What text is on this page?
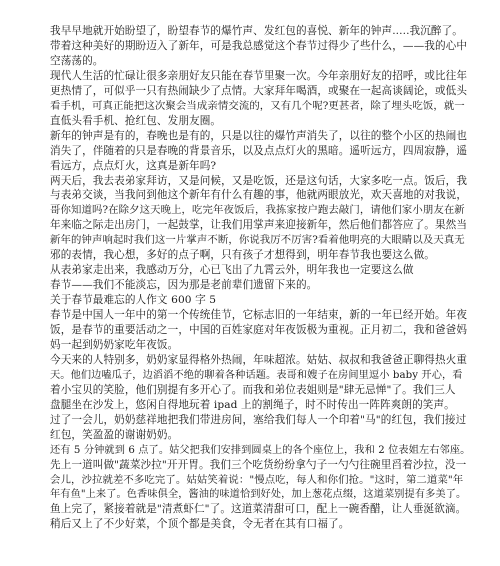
我早早地就开始盼望了，盼望春节的爆竹声、发红包的喜悦、新年的钟声.....我沉醉了。
带着这种美好的期盼迈入了新年，可是我总感觉这个春节过得少了些什么，——我的心中
空荡荡的。
现代人生活的忙碌让很多亲朋好友只能在春节里聚一次。今年亲朋好友的招呼，或比往年
更热情了，可似乎一只有热闹缺少了点情。大家拜年喝酒，或聚在一起高谈阔论，或低头
看手机，可真正能把这次聚会当成亲情交流的，又有几个呢?更甚者，除了埋头吃饭，就一
直低头看手机、抢红包、发朋友圈。
新年的钟声是有的，春晚也是有的，只是以往的爆竹声消失了，以往的整个小区的热闹也
消失了，伴随着的只是春晚的背景音乐，以及点点灯火的黑暗。遥听远方，四周寂静，遥
看远方，点点灯火，这真是新年吗?
两天后，我去表弟家拜访，又是问候，又是吃饭，还是这句话，大家多吃一点。饭后，我
与表弟交谈，当我问到他这个新年有什么有趣的事，他就两眼放光，欢天喜地的对我说，
哥你知道吗?在除夕这天晚上，吃完年夜饭后，我拣家按户跑去敲门，请他们家小朋友在新
年来临之际走出房门，一起鼓掌，让我们用掌声来迎接新年，然后他们都答应了。果然当
新年的钟声响起时我们这一片掌声不断，你说我厉不厉害?看着他明亮的大眼睛以及天真无
邪的表情，我心想，多好的点子啊，只有孩子才想得到，明年春节我也要这么做。
从表弟家走出来，我感动万分，心已飞出了九霄云外，明年我也一定要这么做
春节——我们不能淡忘，因为那是老前辈们遗留下来的。
关于春节最难忘的人作文 600 字 5
春节是中国人一年中的第一个传统佳节，它标志旧的一年结束，新的一年已经开始。年夜
饭，是春节的重要活动之一，中国的百姓家庭对年夜饭极为重视。正月初二，我和爸爸妈
妈一起到奶奶家吃年夜饭。
今天来的人特别多，奶奶家显得格外热闹，年味超浓。姑姑、叔叔和我爸爸正聊得热火重
天。他们边嗑瓜子，边滔滔不绝的聊着各种话题。表哥和嫂子在房间里逗小 baby 开心，看
着小宝贝的笑脸，他们别提有多开心了。而我和弟位表姐则是"肆无忌惮"了。我们三人
盘腿坐在沙发上，悠闲自得地玩着 ipad 上的割绳子，时不时传出一阵阵爽朗的笑声。
过了一会儿，奶奶慈祥地把我们带进房间，塞给我们每人一个印着"马"的红包，我们接过
红包，笑盈盈的谢谢奶奶。
还有 5 分钟就到 6 点了。姑父把我们安排到圆桌上的各个座位上，我和 2 位表姐左右邻座。
先上一道叫做"蔬菜沙拉"开开胃。我们三个吃货纷纷拿勺子一勺勺往碗里舀着沙拉，没一
会儿，沙拉就差不多吃完了。姑姑笑着说："慢点吃，每人和你们抢。"这时，第二道菜"年
年有鱼"上来了。色香味俱全，酱油的味道恰到好处，加上葱花点缀，这道菜别提有多美了。
鱼上完了，紧接着就是"清煮虾仁"了。这道菜清甜可口，配上一碗香醋，让人垂涎欲滴。
稍后又上了不少好菜，个顶个都是美食，令无者在其有口福了。
